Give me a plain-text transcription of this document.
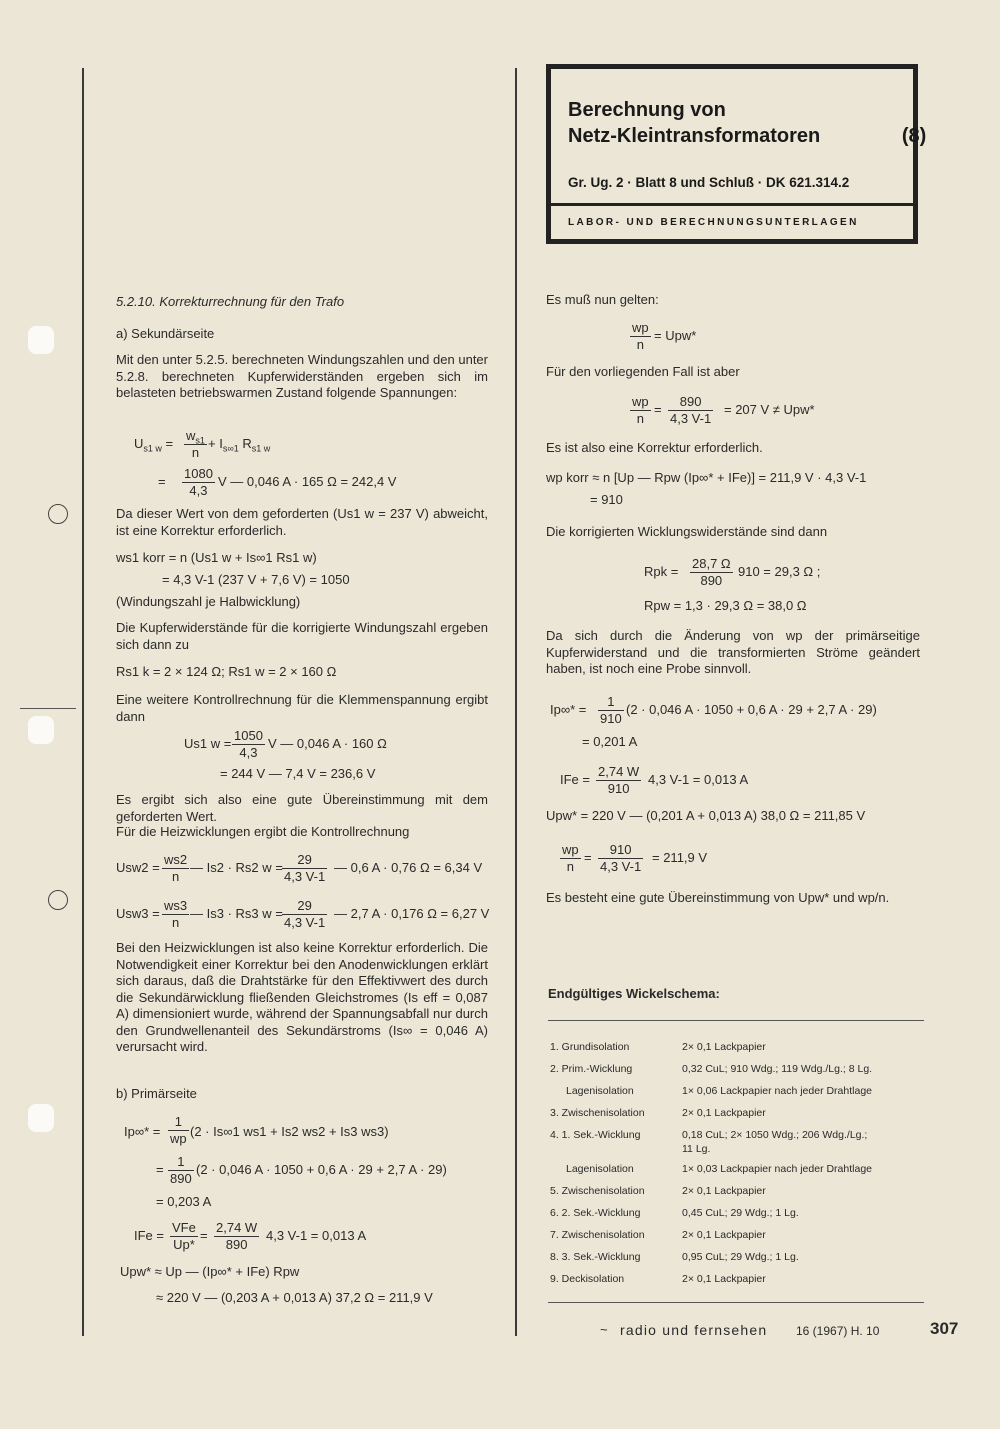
Berechnung von
Netz-Kleintransformatoren	(8)
Gr. Ug. 2 · Blatt 8 und Schluß · DK 621.314.2
LABOR- UND BERECHNUNGSUNTERLAGEN
5.2.10. Korrekturrechnung für den Trafo
a) Sekundärseite
Mit den unter 5.2.5. berechneten Windungszahlen und den unter 5.2.8. berechneten Kupferwiderständen ergeben sich im belasteten betriebswarmen Zustand folgende Spannungen:
$U_{s1 w} = \frac{w_{s1}}{n} + I_{s\infty 1}$ $R_{s1 w}$
= $\frac{1080}{4,3}$ V — 0,046 A · 165 Ω = 242,4 V
Da dieser Wert von dem geforderten (Us1 w = 237 V) abweicht, ist eine Korrektur erforderlich.
ws1 korr = n (Us1 w + Is∞1 Rs1 w)
= 4,3 V-1 (237 V + 7,6 V) = 1050
(Windungszahl je Halbwicklung)
Die Kupferwiderstände für die korrigierte Windungszahl ergeben sich dann zu
Rs1 k = 2 × 124 Ω; Rs1 w = 2 × 160 Ω
Eine weitere Kontrollrechnung für die Klemmenspannung ergibt dann
Us1 $w = \frac{1050}{4,3}$ V — 0,046 A · 160 Ω
= 244 V — 7,4 V = 236,6 V
Es ergibt sich also eine gute Übereinstimmung mit dem geforderten Wert.
Für die Heizwicklungen ergibt die Kontrollrechnung
$Usw2 = \frac{ws2}{n}$ — Is2 · Rs2 $w = \frac{29}{4,3 V-1}$ — 0,6 A · 0,76 Ω = 6,34 V
$Usw3 = \frac{ws3}{n}$ — Is3 · Rs3 $w = \frac{29}{4,3 V-1}$ — 2,7 A · 0,176 Ω = 6,27 V
Bei den Heizwicklungen ist also keine Korrektur erforderlich. Die Notwendigkeit einer Korrektur bei den Anodenwicklungen erklärt sich daraus, daß die Drahtstärke für den Effektivwert des durch die Sekundärwicklung fließenden Gleichstromes (Is eff = 0,087 A) dimensioniert wurde, während der Spannungsabfall nur durch den Grundwellenanteil des Sekundärstroms (Is∞ = 0,046 A) verursacht wird.
b) Primärseite
$Ip\infty* = \frac{1}{wp} (2 \cdot Is\infty 1$ ws1 + Is2 ws2 + Is3 ws3)
= $\frac{1}{890} (2 \cdot 0,046$ A · 1050 + 0,6 A · 29 + 2,7 A · 29)
= 0,203 A
IFe =
VFe
Up*
= $\frac{2,74 W}{890} 4,3$ V-1 = 0,013 A
Upw* ≈ Up — (Ip∞* + IFe) Rpw
≈ 220 V — (0,203 A + 0,013 A) 37,2 Ω = 211,9 V
Es muß nun gelten:
$\frac{wp}{n} = Upw*$
Für den vorliegenden Fall ist aber
$\frac{wp}{n} = \frac{890}{4,3 V-1} = 207$ V ≠ Upw*
Es ist also eine Korrektur erforderlich.
wp korr ≈ n [Up — Rpw (Ip∞* + IFe)] = 211,9 V · 4,3 V-1
= 910
Die korrigierten Wicklungswiderstände sind dann
Rpk = $\frac{28,7 \Omega}{890} 910 = 29,3$ Ω ;
Rpw = 1,3 · 29,3 Ω = 38,0 Ω
Da sich durch die Änderung von wp der primärseitige Kupferwiderstand und die transformierten Ströme geändert haben, ist noch eine Probe sinnvoll.
$Ip\infty* = \frac{1}{910} (2 \cdot 0,046$ A · 1050 + 0,6 A · 29 + 2,7 A · 29)
= 0,201 A
IFe = $\frac{2,74 W}{910} 4,3$ V-1 = 0,013 A
Upw* = 220 V — (0,201 A + 0,013 A) 38,0 Ω = 211,85 V
$\frac{wp}{n} = \frac{910}{4,3 V-1} = 211,9$ V
Es besteht eine gute Übereinstimmung von Upw* und wp/n.
Endgültiges Wickelschema:
1. Grundisolation	2× 0,1 Lackpapier
2. Prim.-Wicklung	0,32 CuL; 910 Wdg.; 119 Wdg./Lg.; 8 Lg.
Lagenisolation	1× 0,06 Lackpapier nach jeder Drahtlage
3. Zwischenisolation	2× 0,1 Lackpapier
4. 1. Sek.-Wicklung	0,18 CuL; 2× 1050 Wdg.; 206 Wdg./Lg.;
11 Lg.
Lagenisolation	1× 0,03 Lackpapier nach jeder Drahtlage
5. Zwischenisolation	2× 0,1 Lackpapier
6. 2. Sek.-Wicklung	0,45 CuL; 29 Wdg.; 1 Lg.
7. Zwischenisolation	2× 0,1 Lackpapier
8. 3. Sek.-Wicklung	0,95 CuL; 29 Wdg.; 1 Lg.
9. Deckisolation	2× 0,1 Lackpapier
~ radio und fernsehen 16 (1967) H. 10	307
